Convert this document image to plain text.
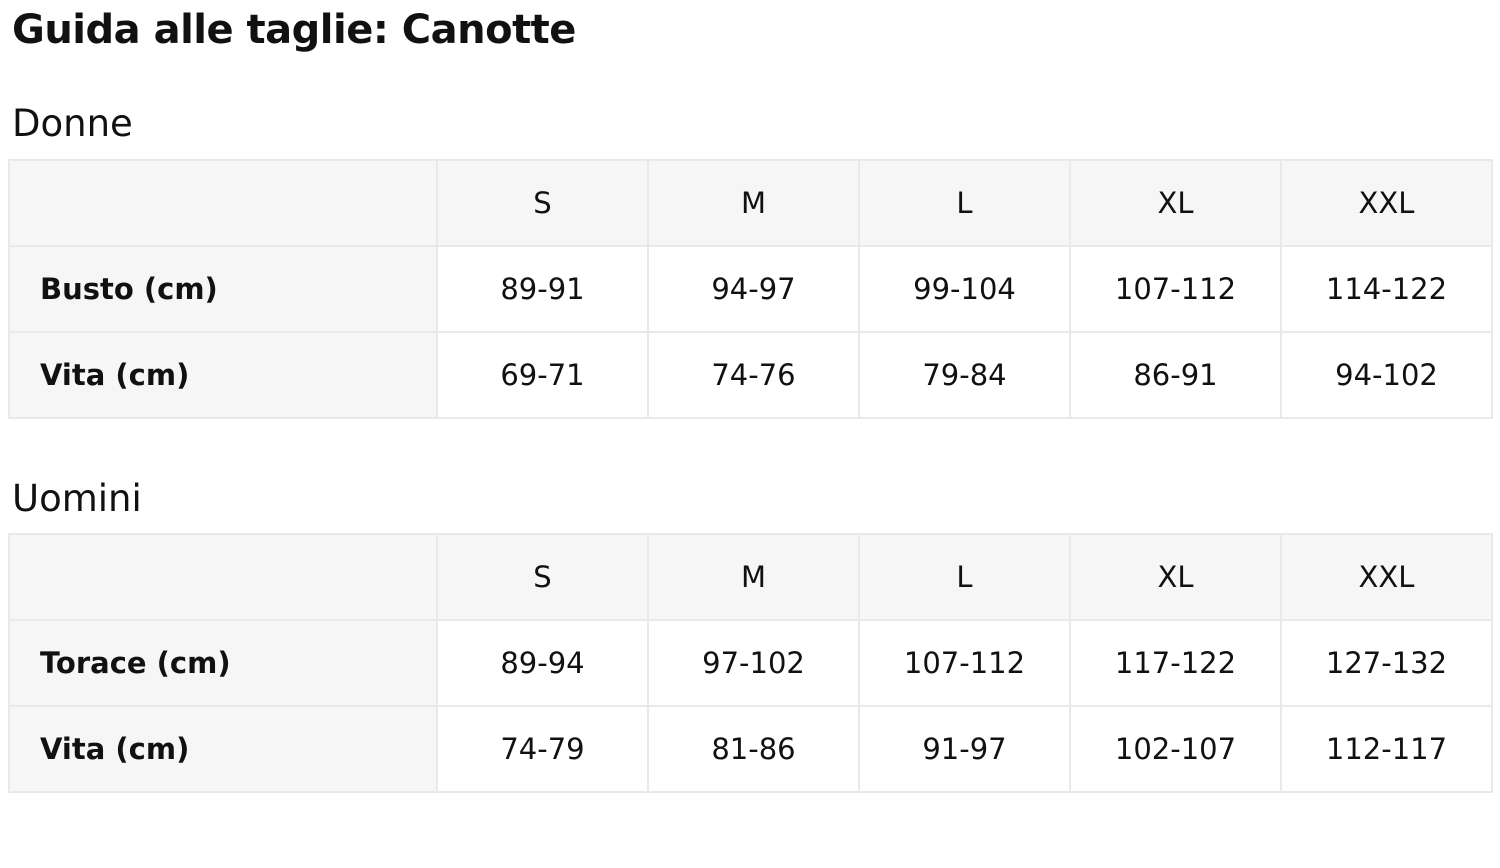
Guida alle taglie: Canotte
Donne
	S	M	L	XL	XXL
Busto (cm)	89-91	94-97	99-104	107-112	114-122
Vita (cm)	69-71	74-76	79-84	86-91	94-102
Uomini
	S	M	L	XL	XXL
Torace (cm)	89-94	97-102	107-112	117-122	127-132
Vita (cm)	74-79	81-86	91-97	102-107	112-117
